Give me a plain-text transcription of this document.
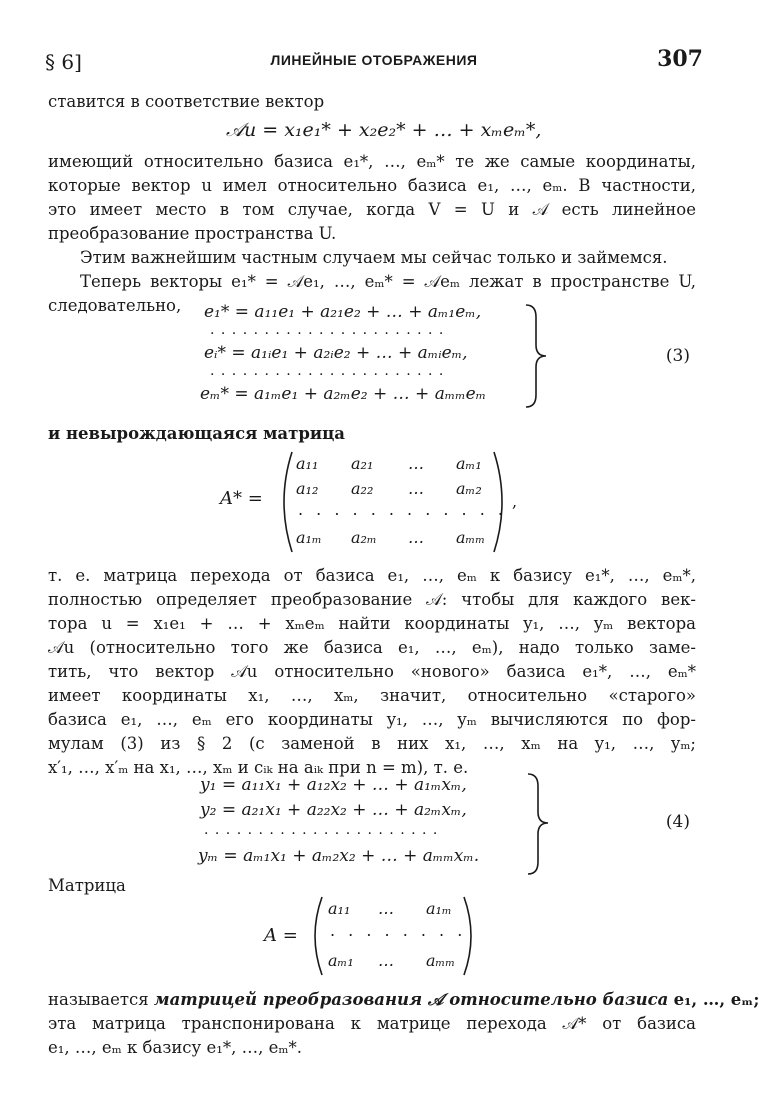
§ 6]	ЛИНЕЙНЫЕ ОТОБРАЖЕНИЯ	307
ставится в соответствие вектор
𝒜u = x₁e₁* + x₂e₂* + … + xₘeₘ*,
имеющий относительно базиса e₁*, …, eₘ* те же самые координаты,
которые вектор u имел относительно базиса e₁, …, eₘ. В частности,
это имеет место в том случае, когда V = U и 𝒜 есть линейное
преобразование пространства U.
Этим важнейшим частным случаем мы сейчас только и займемся.
Теперь векторы e₁* = 𝒜e₁, …, eₘ* = 𝒜eₘ лежат в пространстве U,
следовательно, e₁* = a₁₁e₁ + a₂₁e₂ + … + aₘ₁eₘ,
. . . . . . . . . . . . . . . . . . . . . .
eᵢ* = a₁ᵢe₁ + a₂ᵢe₂ + … + aₘᵢeₘ,
. . . . . . . . . . . . . . . . . . . . . .
eₘ* = a₁ₘe₁ + a₂ₘe₂ + … + aₘₘeₘ
(3)
и невырождающаяся матрица
A* =
a₁₁ a₂₁ … aₘ₁
a₁₂ a₂₂ … aₘ₂
. . . . . . . . . . . .
a₁ₘ a₂ₘ … aₘₘ
,
т. е. матрица перехода от базиса e₁, …, eₘ к базису e₁*, …, eₘ*,
полностью определяет преобразование 𝒜: чтобы для каждого век-
тора u = x₁e₁ + … + xₘeₘ найти координаты y₁, …, yₘ вектора
𝒜u (относительно того же базиса e₁, …, eₘ), надо только заме-
тить, что вектор 𝒜u относительно «нового» базиса e₁*, …, eₘ*
имеет координаты x₁, …, xₘ, значит, относительно «старого»
базиса e₁, …, eₘ его координаты y₁, …, yₘ вычисляются по фор-
мулам (3) из § 2 (с заменой в них x₁, …, xₘ на y₁, …, yₘ;
x′₁, …, x′ₘ на x₁, …, xₘ и cᵢₖ на aᵢₖ при n = m), т. е.
y₁ = a₁₁x₁ + a₁₂x₂ + … + a₁ₘxₘ,
y₂ = a₂₁x₁ + a₂₂x₂ + … + a₂ₘxₘ,
. . . . . . . . . . . . . . . . . . . . . .
yₘ = aₘ₁x₁ + aₘ₂x₂ + … + aₘₘxₘ.
(4)
Матрица
A =
a₁₁ … a₁ₘ
. . . . . . . .
aₘ₁ … aₘₘ
называется матрицей преобразования 𝒜 относительно базиса e₁, …, eₘ;
эта матрица транспонирована к матрице перехода 𝒜* от базиса
e₁, …, eₘ к базису e₁*, …, eₘ*.
